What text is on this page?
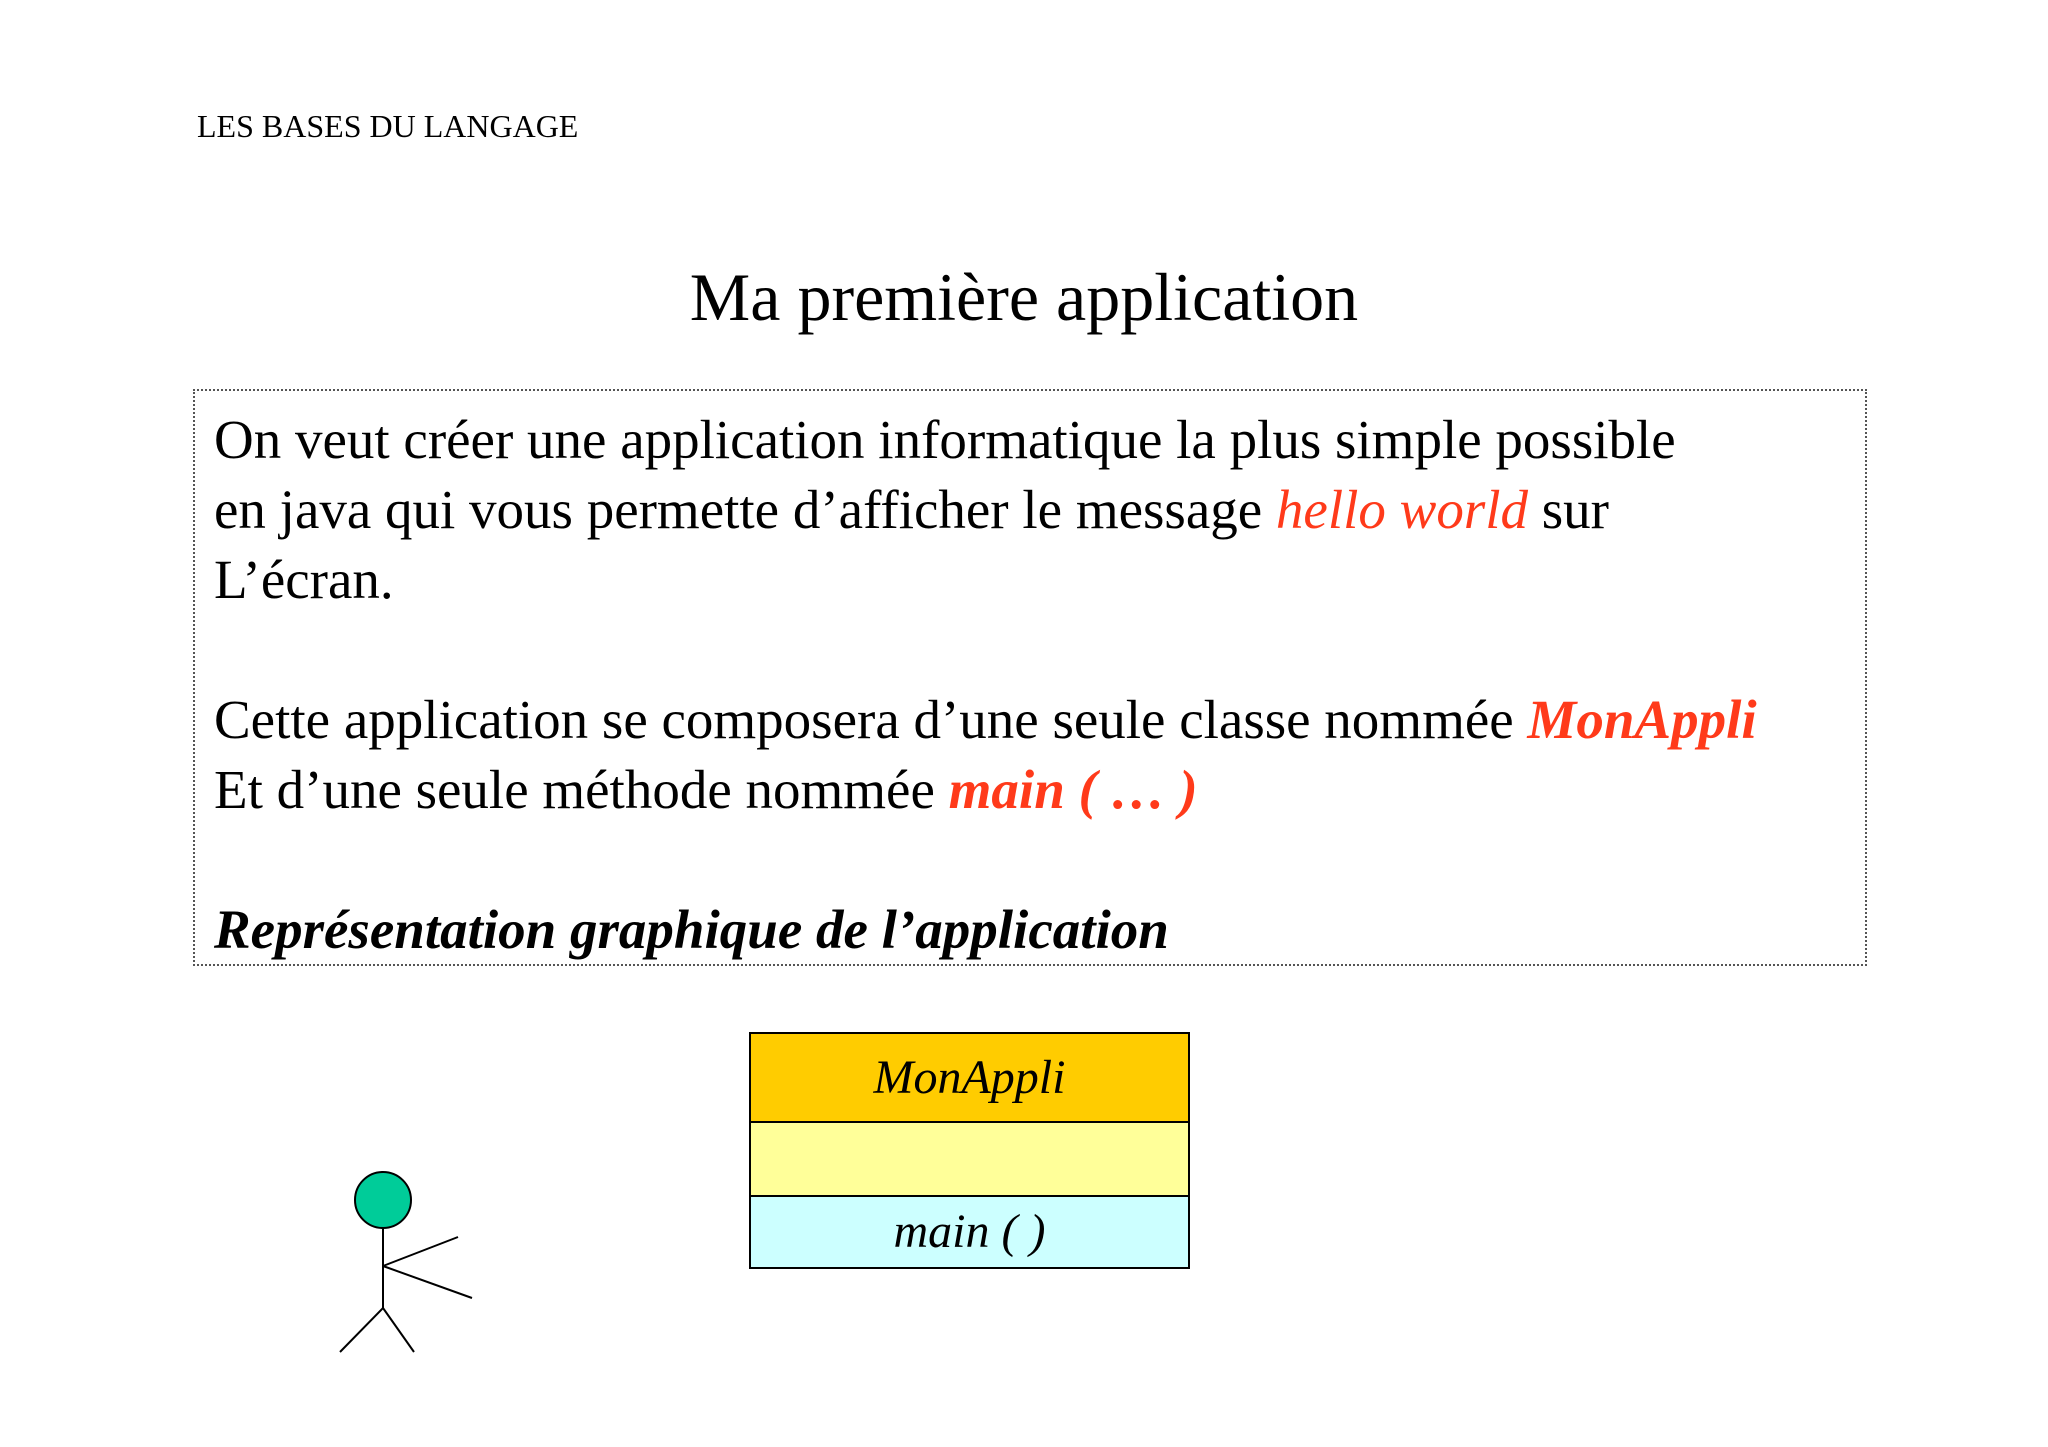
LES BASES DU LANGAGE
Ma première application
On veut créer une application informatique la plus simple possible
en java qui vous permette d’afficher le message hello world sur
L’écran.
Cette application se composera d’une seule classe nommée MonAppli
Et d’une seule méthode nommée main ( … )
Représentation graphique de l’application
MonAppli
main ( )
